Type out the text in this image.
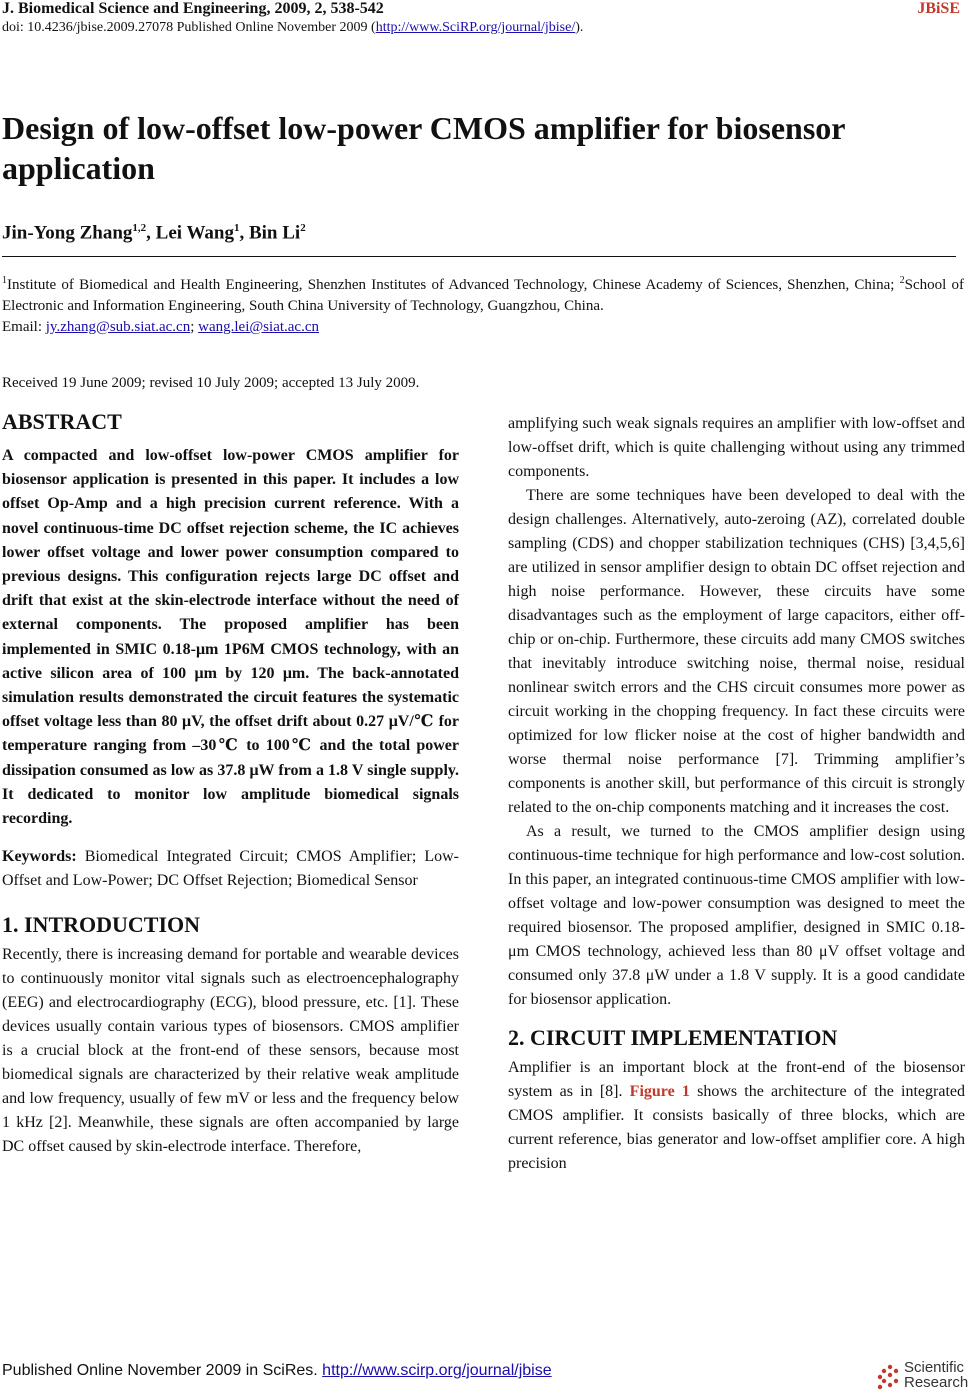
J. Biomedical Science and Engineering, 2009, 2, 538-542	JBiSE
doi: 10.4236/jbise.2009.27078 Published Online November 2009 (http://www.SciRP.org/journal/jbise/).
Design of low-offset low-power CMOS amplifier for biosensor application
Jin-Yong Zhang$^{1,2}$, Lei Wang$^1$, Bin Li$^2$

$^1$Institute of Biomedical and Health Engineering, Shenzhen Institutes of Advanced Technology, Chinese Academy of Sciences, Shenzhen, China; $^2$School of Electronic and Information Engineering, South China University of Technology, Guangzhou, China.

Email: jy.zhang@sub.siat.ac.cn; wang.lei@siat.ac.cn

Received 19 June 2009; revised 10 July 2009; accepted 13 July 2009.
ABSTRACT

A compacted and low-offset low-power CMOS amplifier for biosensor application is presented in this paper. It includes a low offset Op-Amp and a high precision current reference. With a novel continuous-time DC offset rejection scheme, the IC achieves lower offset voltage and lower power consumption compared to previous designs. This configuration rejects large DC offset and drift that exist at the skin-electrode interface without the need of external components. The proposed amplifier has been implemented in SMIC 0.18-μm 1P6M CMOS technology, with an active silicon area of 100 μm by 120 μm. The back-annotated simulation results demonstrated the circuit features the systematic offset voltage less than 80 μV, the offset drift about 0.27 μV/℃ for temperature ranging from –30℃ to 100℃ and the total power dissipation consumed as low as 37.8 μW from a 1.8 V single supply. It dedicated to monitor low amplitude biomedical signals recording.

Keywords: Biomedical Integrated Circuit; CMOS Amplifier; Low-Offset and Low-Power; DC Offset Rejection; Biomedical Sensor

1. INTRODUCTION

Recently, there is increasing demand for portable and wearable devices to continuously monitor vital signals such as electroencephalography (EEG) and electrocardiography (ECG), blood pressure, etc. [1]. These devices usually contain various types of biosensors. CMOS amplifier is a crucial block at the front-end of these sensors, because most biomedical signals are characterized by their relative weak amplitude and low frequency, usually of few mV or less and the frequency below 1 kHz [2]. Meanwhile, these signals are often accompanied by large DC offset caused by skin-electrode interface. Therefore,

amplifying such weak signals requires an amplifier with low-offset and low-offset drift, which is quite challenging without using any trimmed components.

There are some techniques have been developed to deal with the design challenges. Alternatively, auto-zeroing (AZ), correlated double sampling (CDS) and chopper stabilization techniques (CHS) [3,4,5,6] are utilized in sensor amplifier design to obtain DC offset rejection and high noise performance. However, these circuits have some disadvantages such as the employment of large capacitors, either off-chip or on-chip. Furthermore, these circuits add many CMOS switches that inevitably introduce switching noise, thermal noise, residual nonlinear switch errors and the CHS circuit consumes more power as circuit working in the chopping frequency. In fact these circuits were optimized for low flicker noise at the cost of higher bandwidth and worse thermal noise performance [7]. Trimming amplifier’s components is another skill, but performance of this circuit is strongly related to the on-chip components matching and it increases the cost.

As a result, we turned to the CMOS amplifier design using continuous-time technique for high performance and low-cost solution. In this paper, an integrated continuous-time CMOS amplifier with low-offset voltage and low-power consumption was designed to meet the required biosensor. The proposed amplifier, designed in SMIC 0.18-μm CMOS technology, achieved less than 80 μV offset voltage and consumed only 37.8 μW under a 1.8 V supply. It is a good candidate for biosensor application.

2. CIRCUIT IMPLEMENTATION

Amplifier is an important block at the front-end of the biosensor system as in [8]. Figure 1 shows the architecture of the integrated CMOS amplifier. It consists basically of three blocks, which are current reference, bias generator and low-offset amplifier core. A high precision

Published Online November 2009 in SciRes. http://www.scirp.org/journal/jbise	Scientific
Research
